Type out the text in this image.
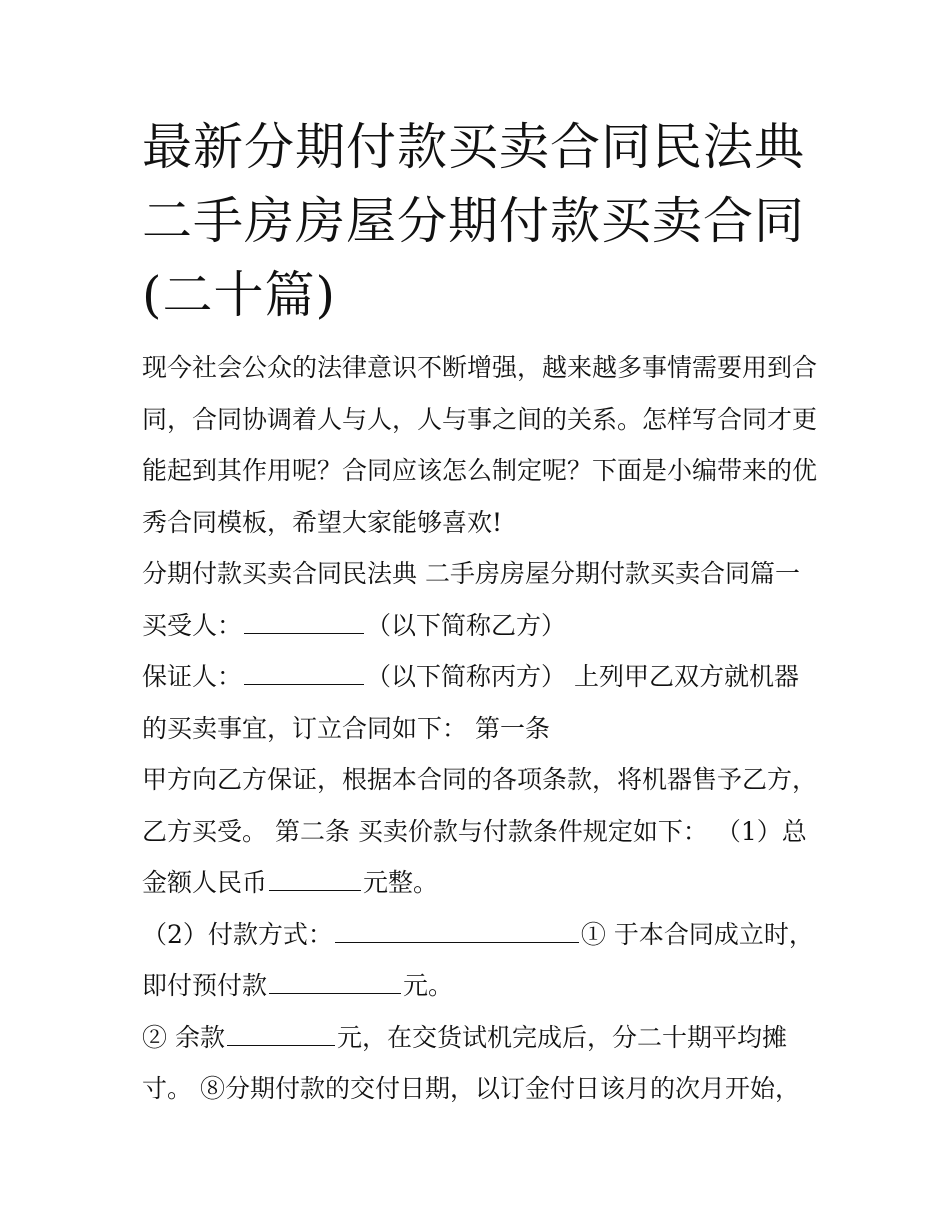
最新分期付款买卖合同民法典
二手房房屋分期付款买卖合同
(二十篇)
现今社会公众的法律意识不断增强，越来越多事情需要用到合
同，合同协调着人与人，人与事之间的关系。怎样写合同才更
能起到其作用呢？合同应该怎么制定呢？下面是小编带来的优
秀合同模板，希望大家能够喜欢!
分期付款买卖合同民法典 二手房房屋分期付款买卖合同篇一
买受人：	（以下简称乙方）
保证人：	（以下简称丙方） 上列甲乙双方就机器
的买卖事宜，订立合同如下： 第一条
甲方向乙方保证，根据本合同的各项条款，将机器售予乙方，
乙方买受。 第二条 买卖价款与付款条件规定如下： （1）总
金额人民币	元整。
（2）付款方式：	① 于本合同成立时，
即付预付款	元。
② 余款	元，在交货试机完成后，分二十期平均摊
寸。 ⑧分期付款的交付日期，以订金付日该月的次月开始，
